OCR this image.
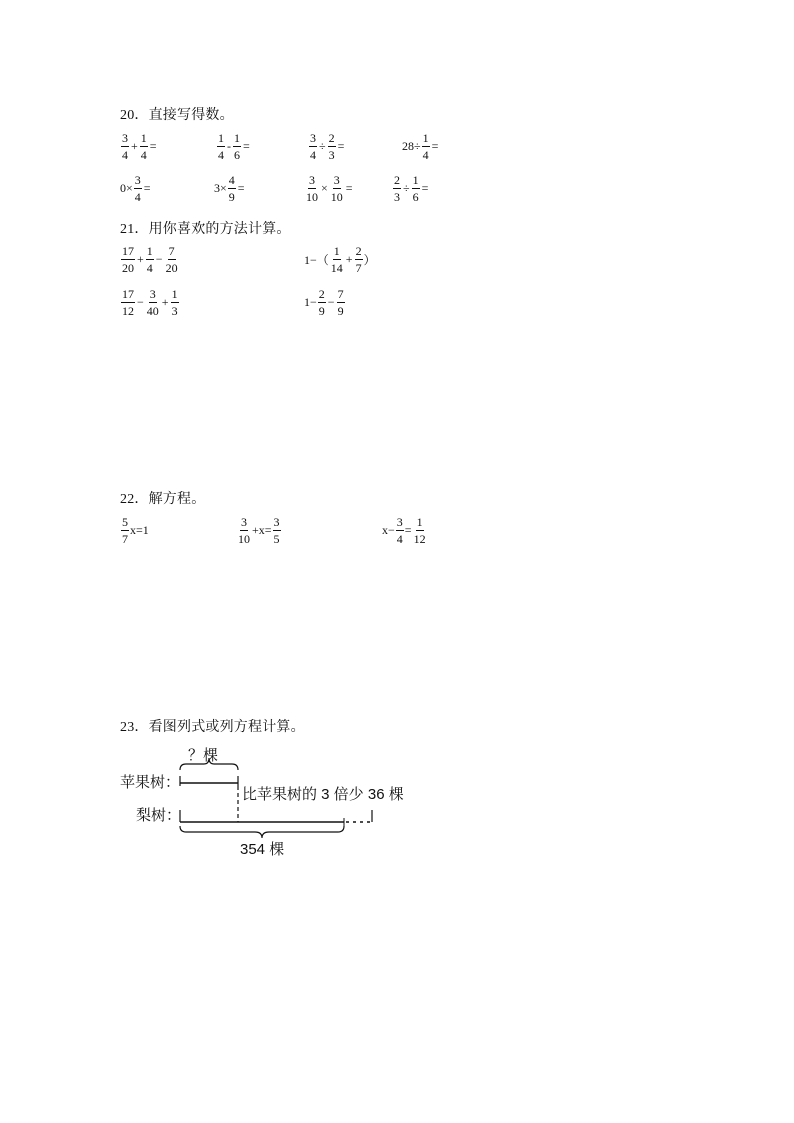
20．直接写得数。
$\frac{3}{4} + \frac{1}{4}$ =	$\frac{1}{4} - \frac{1}{6}$ =	$\frac{3}{4} \div \frac{2}{3}$ =	$28\div \frac{1}{4}$ =
$0\times \frac{3}{4}$ =	$3\times \frac{4}{9}$ =	$\frac{3}{10} \times \frac{3}{10}$ =	$\frac{2}{3} \div \frac{1}{6}$ =
21．用你喜欢的方法计算。
$\frac{17}{20} + \frac{1}{4} - \frac{7}{20}$	$1-( \frac{1}{14} + \frac{2}{7}$ ）
$\frac{17}{12} - \frac{3}{40} + \frac{1}{3}$	$1- \frac{2}{9} - \frac{7}{9}$
22．解方程。
$\frac{5}{7} x=1$	$\frac{3}{10} +x= \frac{3}{5}$	$x- \frac{3}{4} = \frac{1}{12}$
23．看图列式或列方程计算。
？棵
苹果树：
比苹果树的 3 倍少 36 棵
梨树：
354 棵
